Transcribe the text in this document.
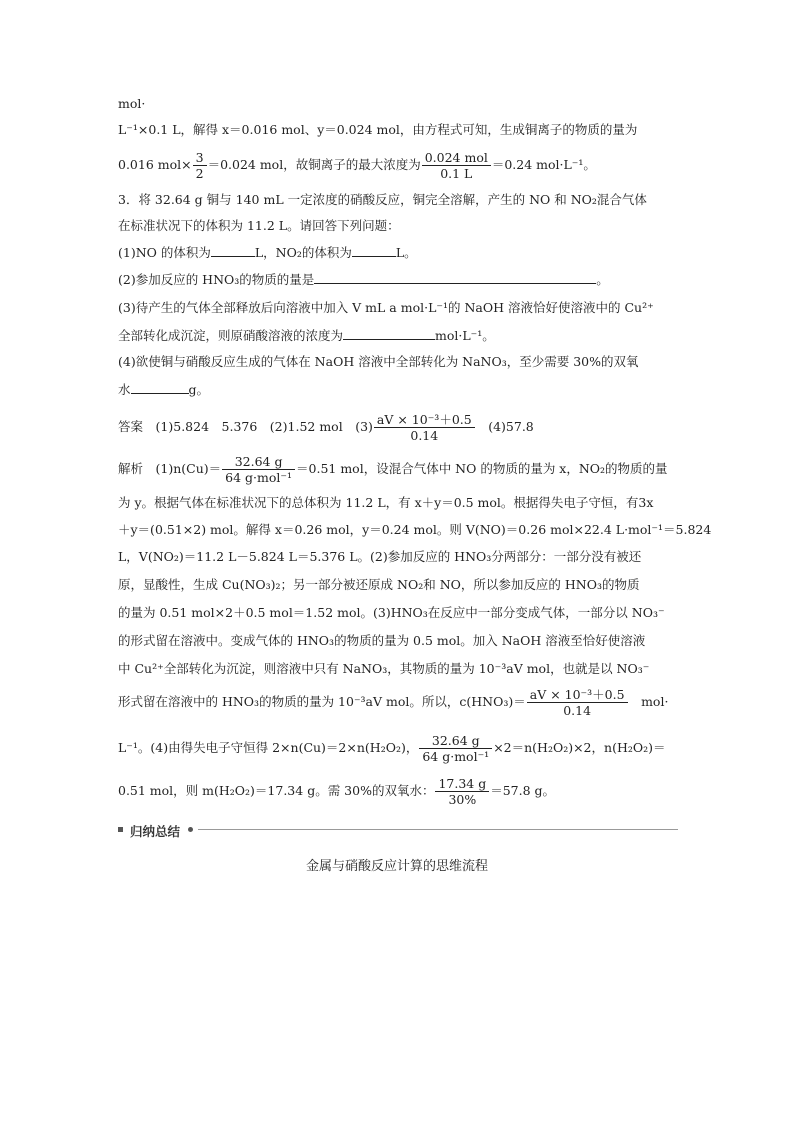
mol·
L⁻¹×0.1 L，解得 x＝0.016 mol、y＝0.024 mol，由方程式可知，生成铜离子的物质的量为
0.016 $mol\times \frac{3}{2} =0.024$ mol，故铜离子的最大浓度为 $\frac{\text{0.024 mol}}{0.1 L} =0.24$ mol·L⁻¹。
3．将 32.64 g 铜与 140 mL 一定浓度的硝酸反应，铜完全溶解，产生的 NO 和 NO₂混合气体
在标准状况下的体积为 11.2 L。请回答下列问题：
(1)NO 的体积为	L，NO₂的体积为	L。
(2)参加反应的 HNO₃的物质的量是	。
(3)待产生的气体全部释放后向溶液中加入 V mL a mol·L⁻¹的 NaOH 溶液恰好使溶液中的 Cu²⁺
全部转化成沉淀，则原硝酸溶液的浓度为	mol·L⁻¹。
(4)欲使铜与硝酸反应生成的气体在 NaOH 溶液中全部转化为 NaNO₃，至少需要 30%的双氧
水	g。
答案　 (1)5.824　5.376　(2)1.52 mol　$(3) \frac{\text{aV × 10⁻³＋0.5}}{0.14}$
　 (4)57.8
解析　 $(1)n(Cu)= \frac{32.64 g}{\text{64 g·mol⁻¹}} =0.51$ mol，设混合气体中 NO 的物质的量为 x，NO₂的物质的量
为 y。根据气体在标准状况下的总体积为 11.2 L，有 x＋y＝0.5 mol。根据得失电子守恒，有3x
＋y＝(0.51×2) mol。解得 x＝0.26 mol，y＝0.24 mol。则 V(NO)＝0.26 mol×22.4 L·mol⁻¹＝5.824
L，V(NO₂)＝11.2 L－5.824 L＝5.376 L。(2)参加反应的 HNO₃分两部分：一部分没有被还
原，显酸性，生成 Cu(NO₃)₂；另一部分被还原成 NO₂和 NO，所以参加反应的 HNO₃的物质
的量为 0.51 mol×2＋0.5 mol＝1.52 mol。(3)HNO₃在反应中一部分变成气体，一部分以 NO₃⁻
的形式留在溶液中。变成气体的 HNO₃的物质的量为 0.5 mol。加入 NaOH 溶液至恰好使溶液
中 Cu²⁺全部转化为沉淀，则溶液中只有 NaNO₃，其物质的量为 10⁻³aV mol，也就是以 NO₃⁻
形式留在溶液中的 HNO₃的物质的量为 10⁻³aV mol。所以，$c(HNO_3)= \frac{\text{aV × 10⁻³＋0.5}}{0.14}$
　 mol·
L⁻¹。(4)由得失电子守恒得 2×n(Cu)＝2×n(H₂O₂)， $\frac{32.64 g}{\text{64 g·mol⁻¹}} \times 2=n(H_2O_2)\times 2$，n(H₂O₂)＝
0.51 mol，则 m(H₂O₂)＝17.34 g。需 30%的双氧水： $\frac{17.34 g}{30\%} =57.8$ g。
归纳总结
金属与硝酸反应计算的思维流程
